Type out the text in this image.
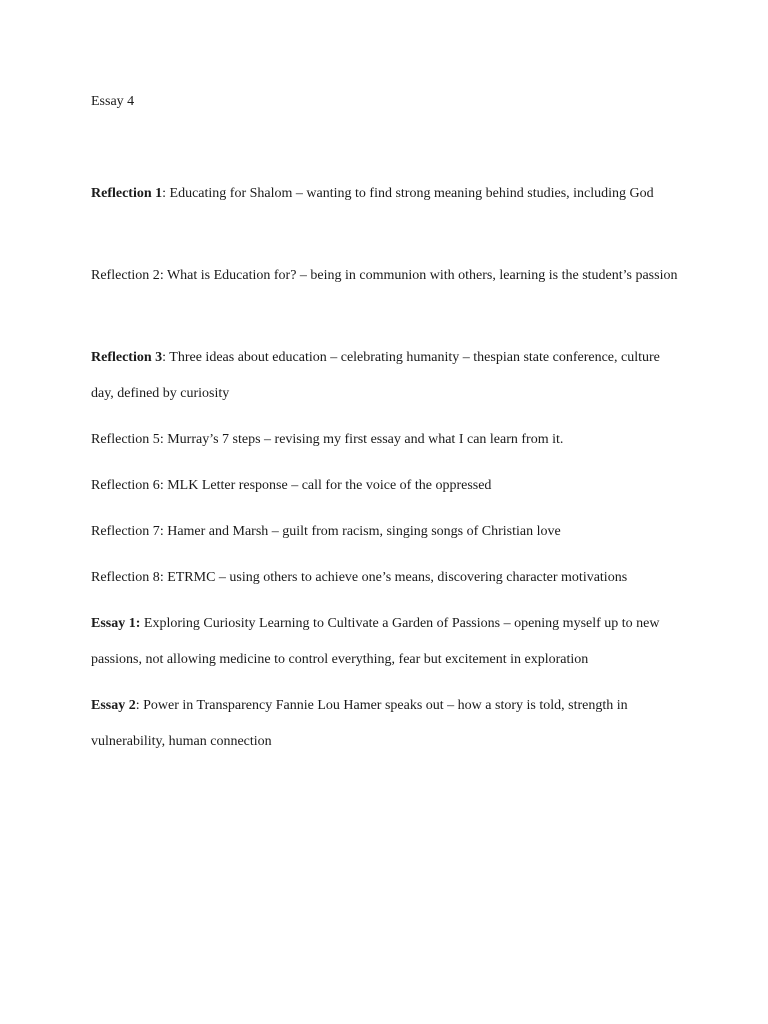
Essay 4

Reflection 1: Educating for Shalom – wanting to find strong meaning behind studies, including God

Reflection 2: What is Education for? – being in communion with others, learning is the student’s passion

Reflection 3: Three ideas about education – celebrating humanity – thespian state conference, culture day, defined by curiosity

Reflection 5: Murray’s 7 steps – revising my first essay and what I can learn from it.

Reflection 6: MLK Letter response – call for the voice of the oppressed

Reflection 7: Hamer and Marsh – guilt from racism, singing songs of Christian love

Reflection 8: ETRMC – using others to achieve one’s means, discovering character motivations

Essay 1: Exploring Curiosity Learning to Cultivate a Garden of Passions – opening myself up to new passions, not allowing medicine to control everything, fear but excitement in exploration

Essay 2: Power in Transparency Fannie Lou Hamer speaks out – how a story is told, strength in vulnerability, human connection
